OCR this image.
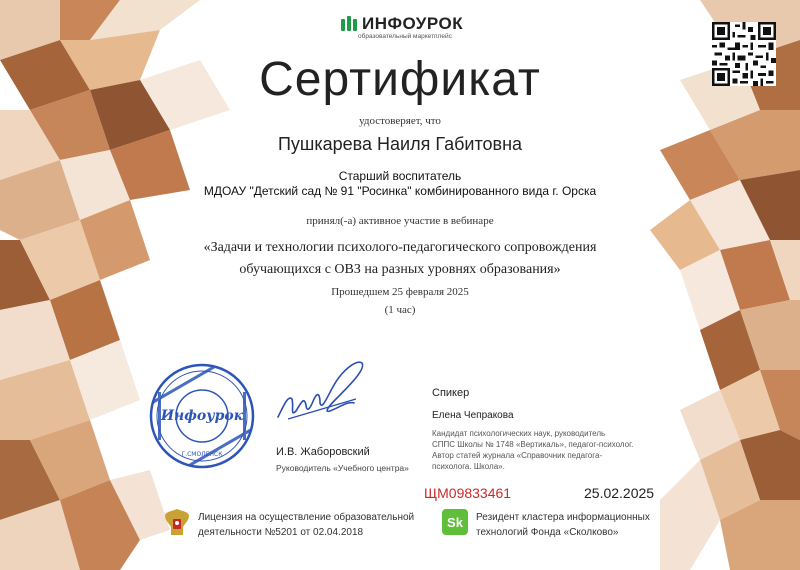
ИНФОУРОК
образовательный маркетплейс
Сертификат
удостоверяет, что
Пушкарева Наиля Габитовна
Старший воспитатель
МДОАУ "Детский сад № 91 "Росинка" комбинированного вида г. Орска
принял(-а) активное участие в вебинаре
«Задачи и технологии психолого-педагогического сопровождения
обучающихся с ОВЗ на разных уровнях образования»
Прошедшем 25 февраля 2025
(1 час)
Инфоурок
Г.СМОЛЕНСК	И.В. Жаборовский
Руководитель «Учебного центра»
Спикер
Елена Чепракова
Кандидат психологических наук, руководитель
СППС Школы № 1748 «Вертикаль», педагог-психолог.
Автор статей журнала «Справочник педагога-
психолога. Школа».
ЩМ09833461	25.02.2025
Лицензия на осуществление образовательной
деятельности №5201 от 02.04.2018
Sk Резидент кластера информационных
технологий Фонда «Сколково»
